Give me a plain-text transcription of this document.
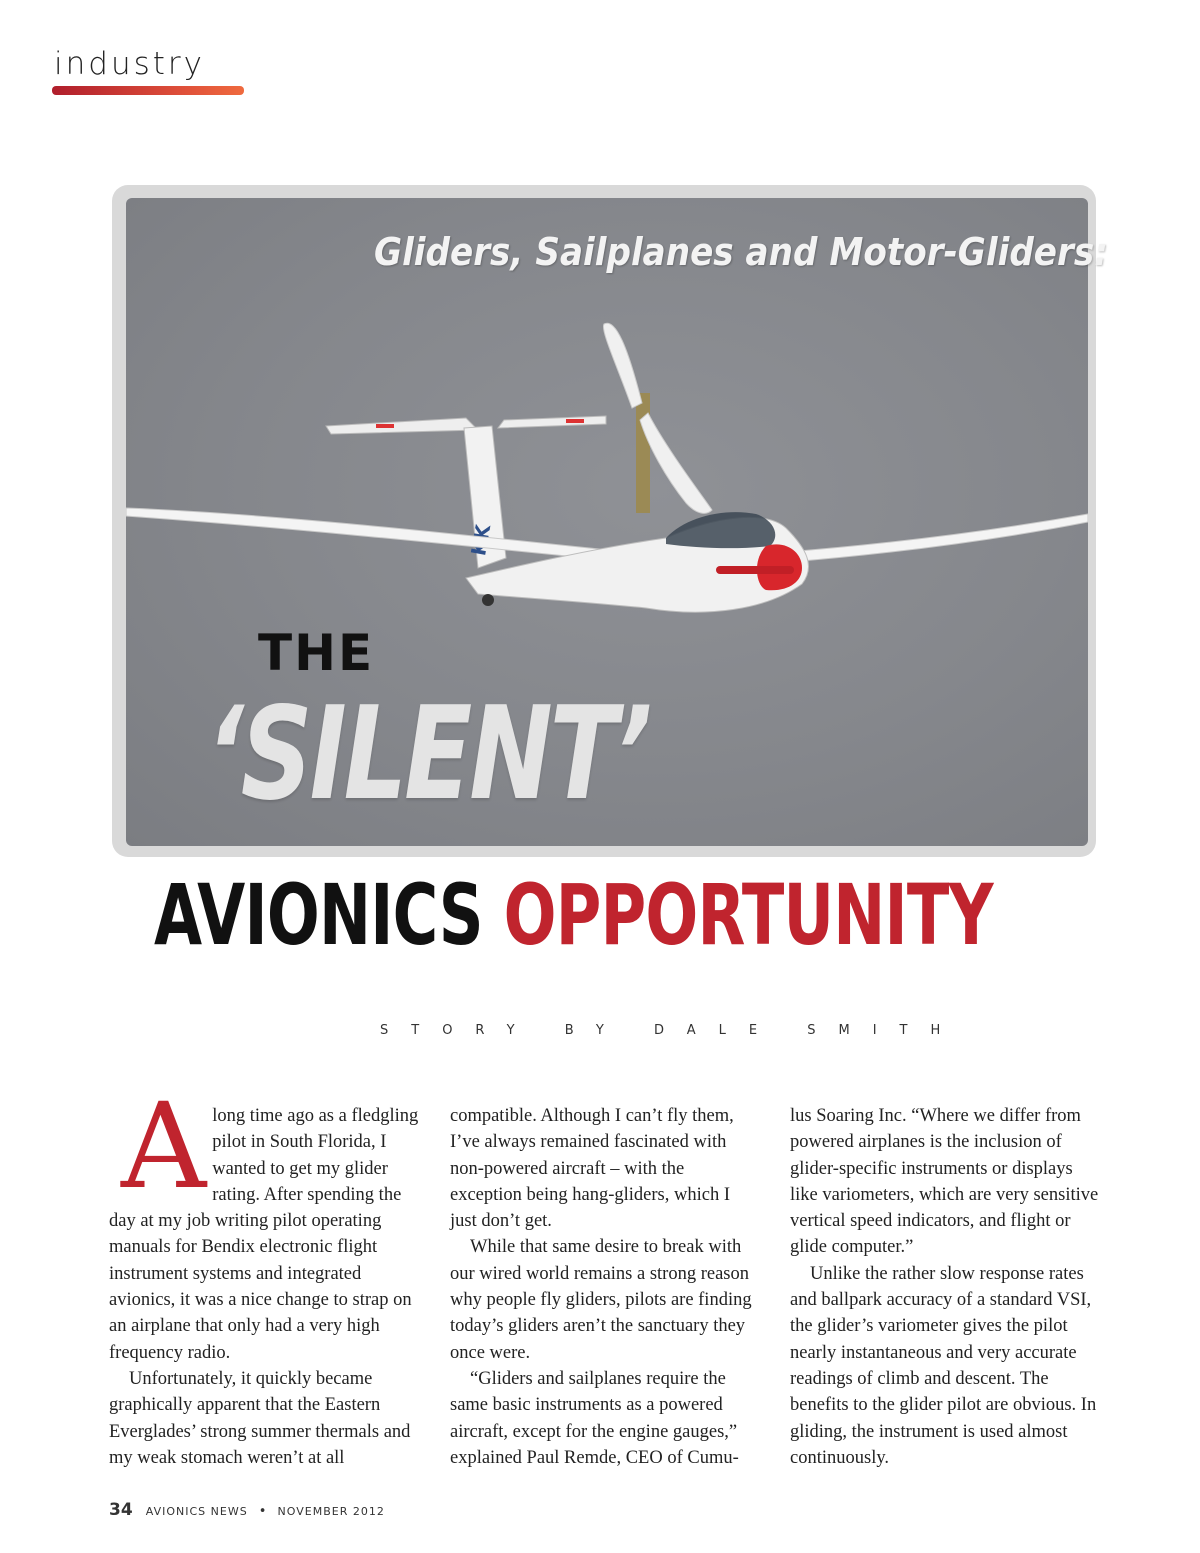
industry
Gliders, Sailplanes and Motor-Gliders:
THE
‘SILENT’
AVIONICS OPPORTUNITY
STORY BY DALE SMITH

Along time ago as a fledgling pilot in South Florida, I wanted to get my glider rating. After spending the day at my job writing pilot operating manuals for Bendix electronic flight instrument systems and integrated avionics, it was a nice change to strap on an airplane that only had a very high frequency radio.

Unfortunately, it quickly became graphically apparent that the Eastern Everglades’ strong summer thermals and my weak stomach weren’t at all

compatible. Although I can’t fly them, I’ve always remained fascinated with non-powered aircraft – with the exception being hang-gliders, which I just don’t get.

While that same desire to break with our wired world remains a strong reason why people fly gliders, pilots are finding today’s gliders aren’t the sanctuary they once were.

“Gliders and sailplanes require the same basic instruments as a powered aircraft, except for the engine gauges,” explained Paul Remde, CEO of Cumu-

lus Soaring Inc. “Where we differ from powered airplanes is the inclusion of glider-specific instruments or displays like variometers, which are very sensitive vertical speed indicators, and flight or glide computer.”

Unlike the rather slow response rates and ballpark accuracy of a standard VSI, the glider’s variometer gives the pilot nearly instantaneous and very accurate readings of climb and descent. The benefits to the glider pilot are obvious. In gliding, the instrument is used almost continuously.

34 AVIONICS NEWS • NOVEMBER 2012
